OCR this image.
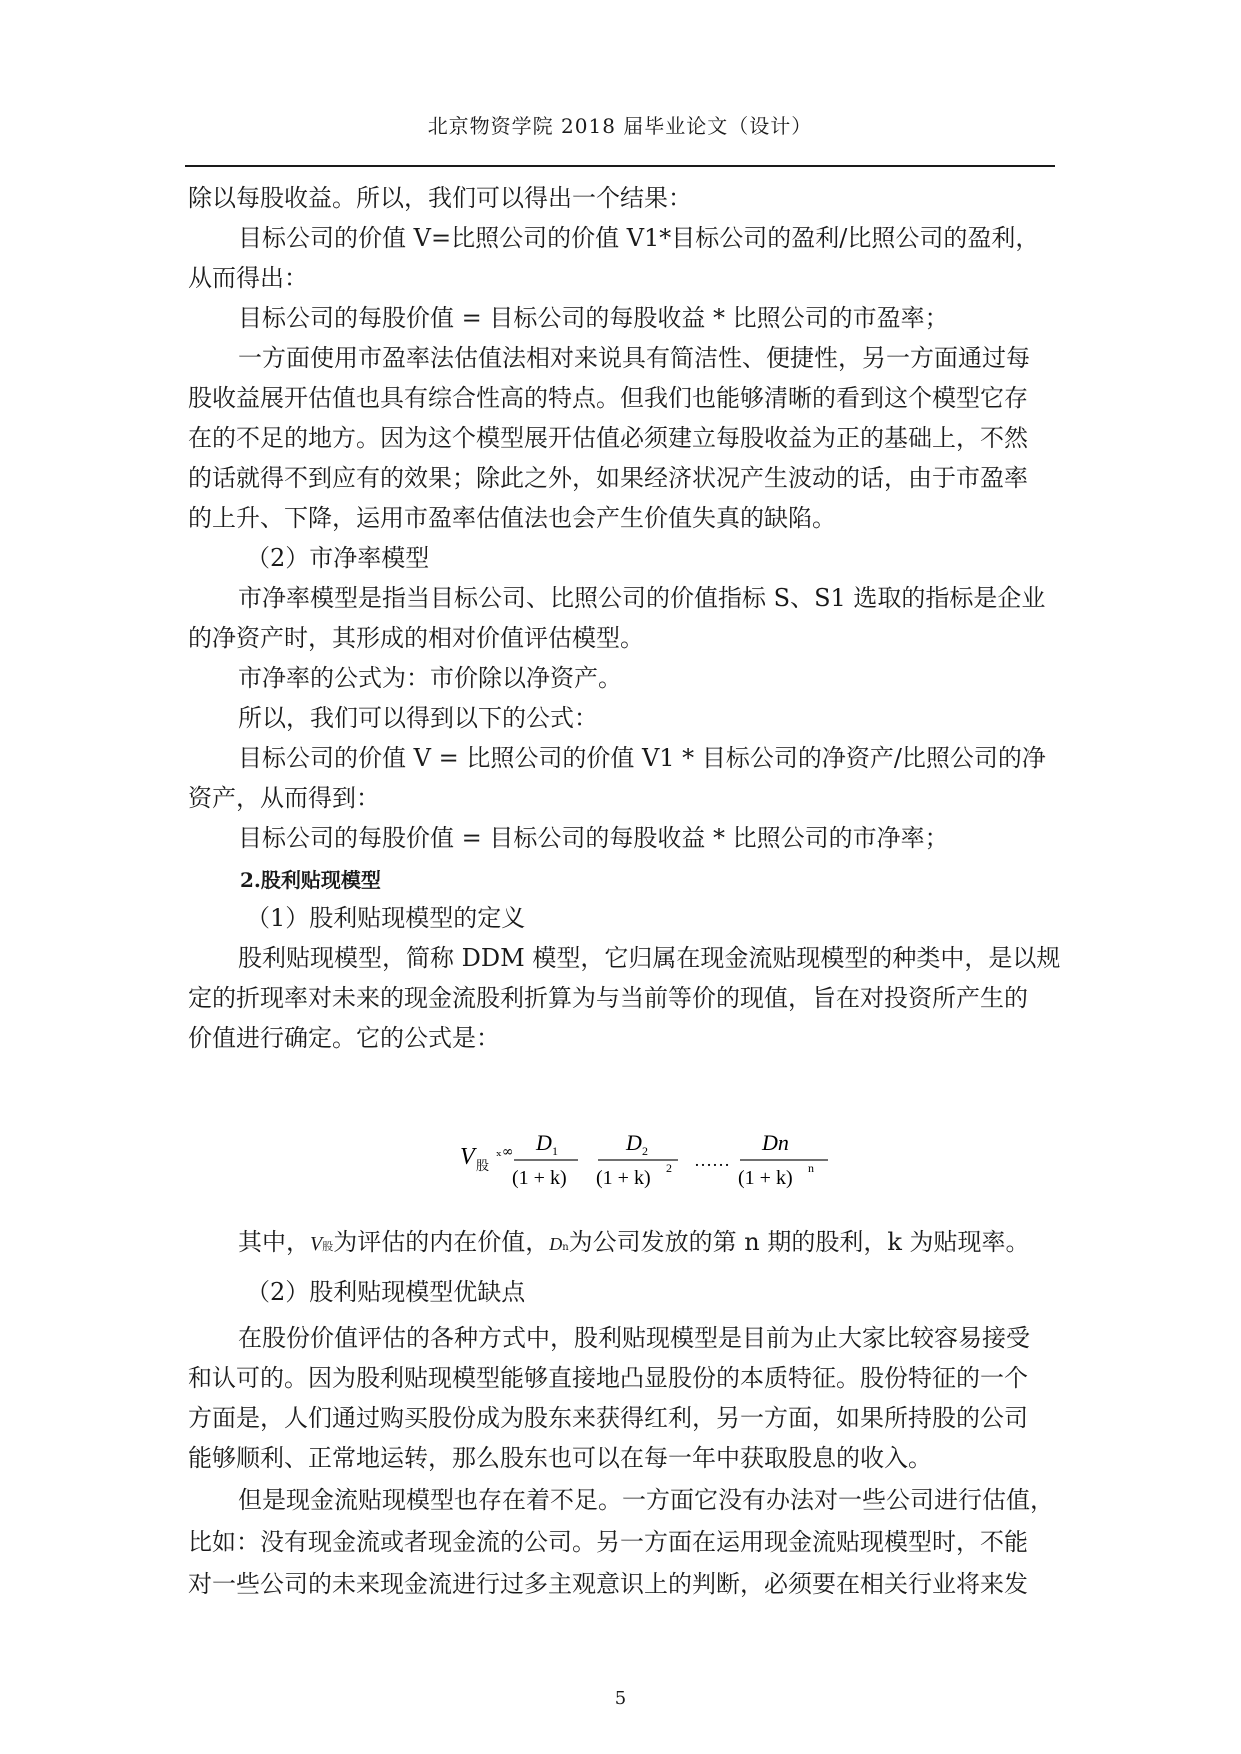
北京物资学院 2018 届毕业论文（设计）
除以每股收益。所以，我们可以得出一个结果：
目标公司的价值 V=比照公司的价值 V1*目标公司的盈利/比照公司的盈利，
从而得出：
目标公司的每股价值 = 目标公司的每股收益 * 比照公司的市盈率；
一方面使用市盈率法估值法相对来说具有简洁性、便捷性，另一方面通过每
股收益展开估值也具有综合性高的特点。但我们也能够清晰的看到这个模型它存
在的不足的地方。因为这个模型展开估值必须建立每股收益为正的基础上，不然
的话就得不到应有的效果；除此之外，如果经济状况产生波动的话，由于市盈率
的上升、下降，运用市盈率估值法也会产生价值失真的缺陷。
（2）市净率模型
市净率模型是指当目标公司、比照公司的价值指标 S、S1 选取的指标是企业
的净资产时，其形成的相对价值评估模型。
市净率的公式为：市价除以净资产。
所以，我们可以得到以下的公式：
目标公司的价值 V = 比照公司的价值 V1 * 目标公司的净资产/比照公司的净
资产，从而得到：
目标公司的每股价值 = 目标公司的每股收益 * 比照公司的市净率；
2.股利贴现模型
（1）股利贴现模型的定义
股利贴现模型，简称 DDM 模型，它归属在现金流贴现模型的种类中，是以规
定的折现率对未来的现金流股利折算为与当前等价的现值，旨在对投资所产生的
价值进行确定。它的公式是：
V 股
ₓ∞ D 1
(1 + k)
D 2
(1 + k) 2 ……
Dn
(1 + k) n
其中，V股为评估的内在价值，Dn为公司发放的第 n 期的股利，k 为贴现率。
（2）股利贴现模型优缺点
在股份价值评估的各种方式中，股利贴现模型是目前为止大家比较容易接受
和认可的。因为股利贴现模型能够直接地凸显股份的本质特征。股份特征的一个
方面是，人们通过购买股份成为股东来获得红利，另一方面，如果所持股的公司
能够顺利、正常地运转，那么股东也可以在每一年中获取股息的收入。
但是现金流贴现模型也存在着不足。一方面它没有办法对一些公司进行估值，
比如：没有现金流或者现金流的公司。另一方面在运用现金流贴现模型时，不能
对一些公司的未来现金流进行过多主观意识上的判断，必须要在相关行业将来发
5
